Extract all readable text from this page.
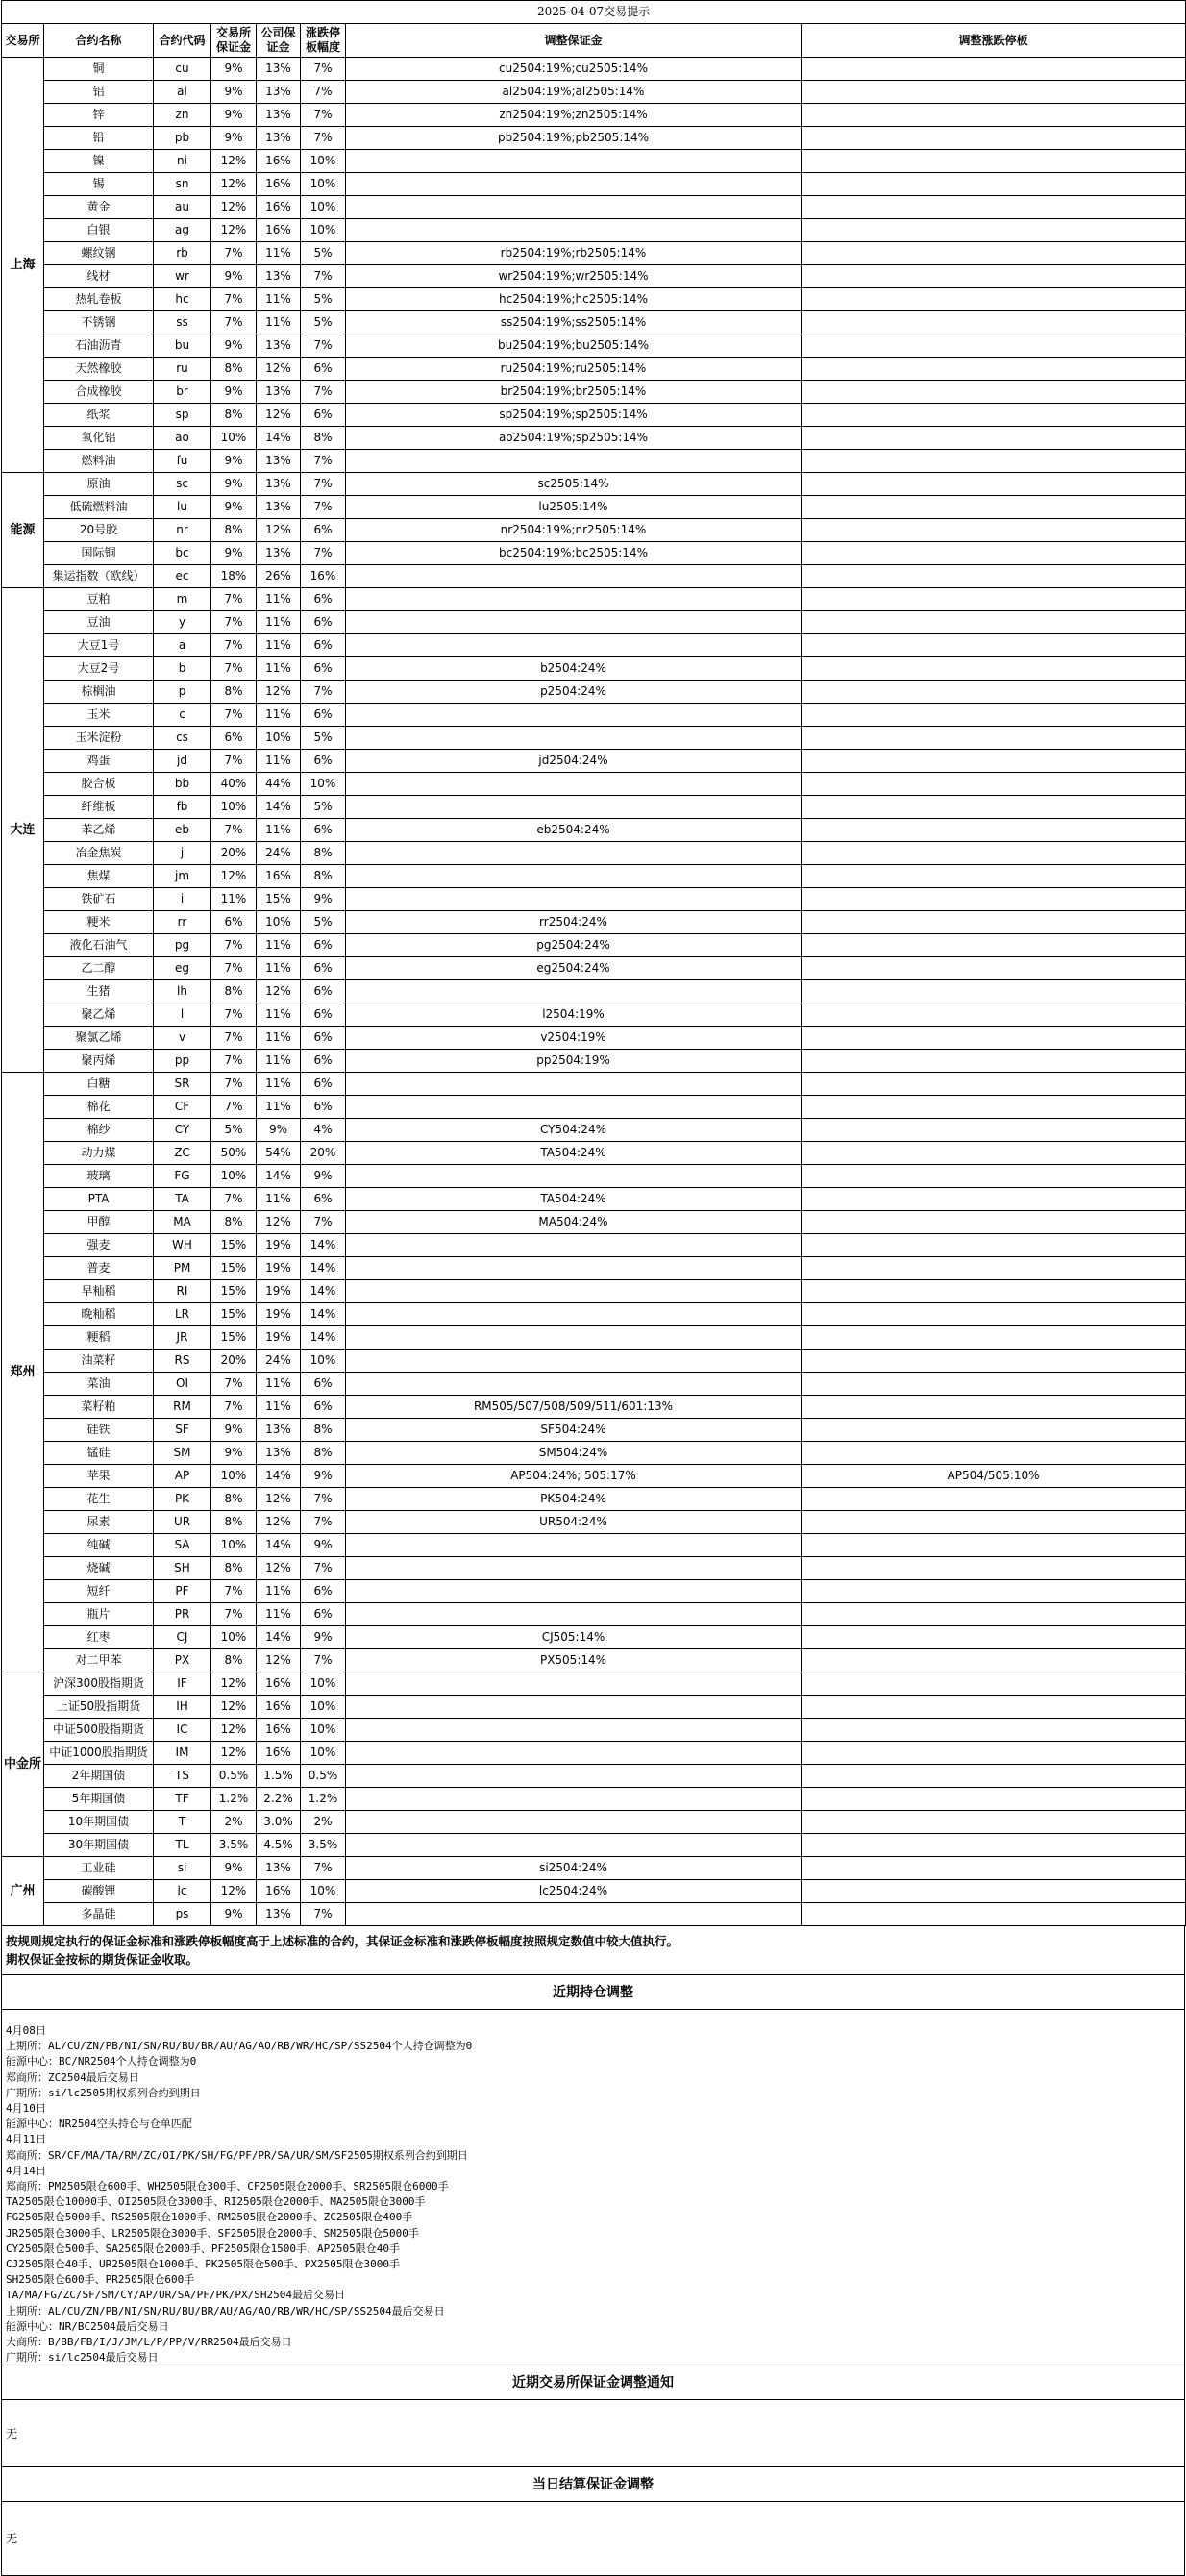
2025-04-07交易提示							
交易所	合约名称	合约代码	交易所保证金	公司保证金	涨跌停板幅度	调整保证金	调整涨跌停板
上海	铜	cu	9%	13%	7%	cu2504:19%;cu2505:14%	
	铝	al	9%	13%	7%	al2504:19%;al2505:14%	
	锌	zn	9%	13%	7%	zn2504:19%;zn2505:14%	
	铅	pb	9%	13%	7%	pb2504:19%;pb2505:14%	
	镍	ni	12%	16%	10%		
	锡	sn	12%	16%	10%		
	黄金	au	12%	16%	10%		
	白银	ag	12%	16%	10%		
	螺纹钢	rb	7%	11%	5%	rb2504:19%;rb2505:14%	
	线材	wr	9%	13%	7%	wr2504:19%;wr2505:14%	
	热轧卷板	hc	7%	11%	5%	hc2504:19%;hc2505:14%	
	不锈钢	ss	7%	11%	5%	ss2504:19%;ss2505:14%	
	石油沥青	bu	9%	13%	7%	bu2504:19%;bu2505:14%	
	天然橡胶	ru	8%	12%	6%	ru2504:19%;ru2505:14%	
	合成橡胶	br	9%	13%	7%	br2504:19%;br2505:14%	
	纸浆	sp	8%	12%	6%	sp2504:19%;sp2505:14%	
	氧化铝	ao	10%	14%	8%	ao2504:19%;sp2505:14%	
	燃料油	fu	9%	13%	7%		
能源	原油	sc	9%	13%	7%	sc2505:14%	
	低硫燃料油	lu	9%	13%	7%	lu2505:14%	
	20号胶	nr	8%	12%	6%	nr2504:19%;nr2505:14%	
	国际铜	bc	9%	13%	7%	bc2504:19%;bc2505:14%	
	集运指数（欧线）	ec	18%	26%	16%		
大连	豆粕	m	7%	11%	6%		
	豆油	y	7%	11%	6%		
	大豆1号	a	7%	11%	6%		
	大豆2号	b	7%	11%	6%	b2504:24%	
	棕榈油	p	8%	12%	7%	p2504:24%	
	玉米	c	7%	11%	6%		
	玉米淀粉	cs	6%	10%	5%		
	鸡蛋	jd	7%	11%	6%	jd2504:24%	
	胶合板	bb	40%	44%	10%		
	纤维板	fb	10%	14%	5%		
	苯乙烯	eb	7%	11%	6%	eb2504:24%	
	冶金焦炭	j	20%	24%	8%		
	焦煤	jm	12%	16%	8%		
	铁矿石	i	11%	15%	9%		
	粳米	rr	6%	10%	5%	rr2504:24%	
	液化石油气	pg	7%	11%	6%	pg2504:24%	
	乙二醇	eg	7%	11%	6%	eg2504:24%	
	生猪	lh	8%	12%	6%		
	聚乙烯	l	7%	11%	6%	l2504:19%	
	聚氯乙烯	v	7%	11%	6%	v2504:19%	
	聚丙烯	pp	7%	11%	6%	pp2504:19%	
郑州	白糖	SR	7%	11%	6%		
	棉花	CF	7%	11%	6%		
	棉纱	CY	5%	9%	4%	CY504:24%	
	动力煤	ZC	50%	54%	20%	TA504:24%	
	玻璃	FG	10%	14%	9%		
	PTA	TA	7%	11%	6%	TA504:24%	
	甲醇	MA	8%	12%	7%	MA504:24%	
	强麦	WH	15%	19%	14%		
	普麦	PM	15%	19%	14%		
	早籼稻	RI	15%	19%	14%		
	晚籼稻	LR	15%	19%	14%		
	粳稻	JR	15%	19%	14%		
	油菜籽	RS	20%	24%	10%		
	菜油	OI	7%	11%	6%		
	菜籽粕	RM	7%	11%	6%	RM505/507/508/509/511/601:13%	
	硅铁	SF	9%	13%	8%	SF504:24%	
	锰硅	SM	9%	13%	8%	SM504:24%	
	苹果	AP	10%	14%	9%	AP504:24%; 505:17%	AP504/505:10%
	花生	PK	8%	12%	7%	PK504:24%	
	尿素	UR	8%	12%	7%	UR504:24%	
	纯碱	SA	10%	14%	9%		
	烧碱	SH	8%	12%	7%		
	短纤	PF	7%	11%	6%		
	瓶片	PR	7%	11%	6%		
	红枣	CJ	10%	14%	9%	CJ505:14%	
	对二甲苯	PX	8%	12%	7%	PX505:14%	
中金所	沪深300股指期货	IF	12%	16%	10%		
	上证50股指期货	IH	12%	16%	10%		
	中证500股指期货	IC	12%	16%	10%		
	中证1000股指期货	IM	12%	16%	10%		
	2年期国债	TS	0.5%	1.5%	0.5%		
	5年期国债	TF	1.2%	2.2%	1.2%		
	10年期国债	T	2%	3.0%	2%		
	30年期国债	TL	3.5%	4.5%	3.5%		
广州	工业硅	si	9%	13%	7%	si2504:24%	
	碳酸锂	lc	12%	16%	10%	lc2504:24%	
	多晶硅	ps	9%	13%	7%		
按规则规定执行的保证金标准和涨跌停板幅度高于上述标准的合约，其保证金标准和涨跌停板幅度按照规定数值中较大值执行。
期权保证金按标的期货保证金收取。
近期持仓调整
4月08日
上期所：AL/CU/ZN/PB/NI/SN/RU/BU/BR/AU/AG/AO/RB/WR/HC/SP/SS2504个人持仓调整为0
能源中心：BC/NR2504个人持仓调整为0
郑商所：ZC2504最后交易日
广期所：si/lc2505期权系列合约到期日
4月10日
能源中心：NR2504空头持仓与仓单匹配
4月11日
郑商所：SR/CF/MA/TA/RM/ZC/OI/PK/SH/FG/PF/PR/SA/UR/SM/SF2505期权系列合约到期日
4月14日
郑商所：PM2505限仓600手、WH2505限仓300手、CF2505限仓2000手、SR2505限仓6000手
TA2505限仓10000手、OI2505限仓3000手、RI2505限仓2000手、MA2505限仓3000手
FG2505限仓5000手、RS2505限仓1000手、RM2505限仓2000手、ZC2505限仓400手
JR2505限仓3000手、LR2505限仓3000手、SF2505限仓2000手、SM2505限仓5000手
CY2505限仓500手、SA2505限仓2000手、PF2505限仓1500手、AP2505限仓40手
CJ2505限仓40手、UR2505限仓1000手、PK2505限仓500手、PX2505限仓3000手
SH2505限仓600手、PR2505限仓600手
TA/MA/FG/ZC/SF/SM/CY/AP/UR/SA/PF/PK/PX/SH2504最后交易日
上期所：AL/CU/ZN/PB/NI/SN/RU/BU/BR/AU/AG/AO/RB/WR/HC/SP/SS2504最后交易日
能源中心：NR/BC2504最后交易日
大商所：B/BB/FB/I/J/JM/L/P/PP/V/RR2504最后交易日
广期所：si/lc2504最后交易日
近期交易所保证金调整通知
无
当日结算保证金调整
无
